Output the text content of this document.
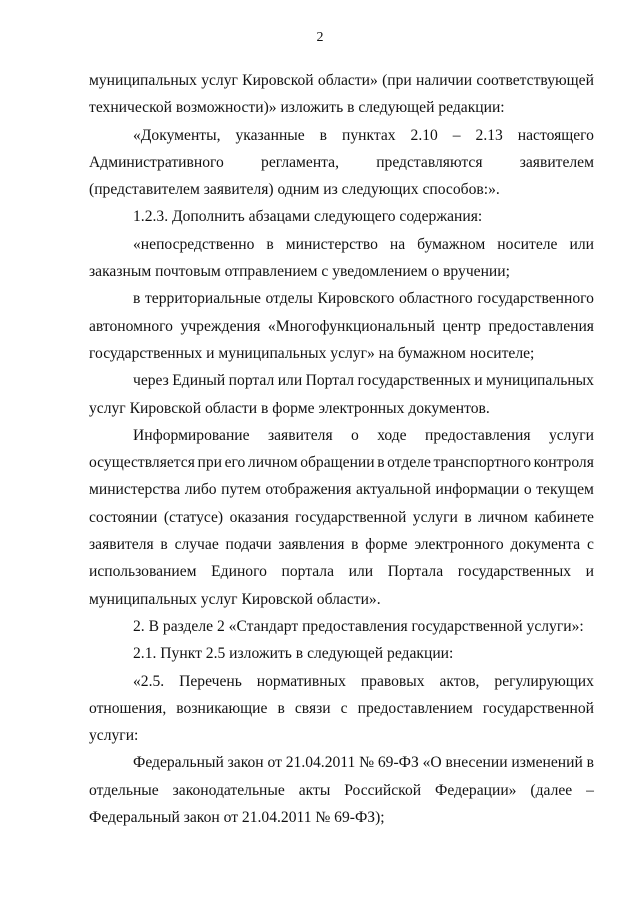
2
муниципальных услуг Кировской области» (при наличии соответствующей
технической возможности)» изложить в следующей редакции:
«Документы, указанные в пунктах 2.10 – 2.13 настоящего
Административного регламента, представляются заявителем
(представителем заявителя) одним из следующих способов:».
1.2.3. Дополнить абзацами следующего содержания:
«непосредственно в министерство на бумажном носителе или
заказным почтовым отправлением с уведомлением о вручении;
в территориальные отделы Кировского областного государственного
автономного учреждения «Многофункциональный центр предоставления
государственных и муниципальных услуг» на бумажном носителе;
через Единый портал или Портал государственных и муниципальных
услуг Кировской области в форме электронных документов.
Информирование заявителя о ходе предоставления услуги
осуществляется при его личном обращении в отделе транспортного контроля
министерства либо путем отображения актуальной информации о текущем
состоянии (статусе) оказания государственной услуги в личном кабинете
заявителя в случае подачи заявления в форме электронного документа с
использованием Единого портала или Портала государственных и
муниципальных услуг Кировской области».
2. В разделе 2 «Стандарт предоставления государственной услуги»:
2.1. Пункт 2.5 изложить в следующей редакции:
«2.5. Перечень нормативных правовых актов, регулирующих
отношения, возникающие в связи с предоставлением государственной
услуги:
Федеральный закон от 21.04.2011 № 69-ФЗ «О внесении изменений в
отдельные законодательные акты Российской Федерации» (далее –
Федеральный закон от 21.04.2011 № 69-ФЗ);
